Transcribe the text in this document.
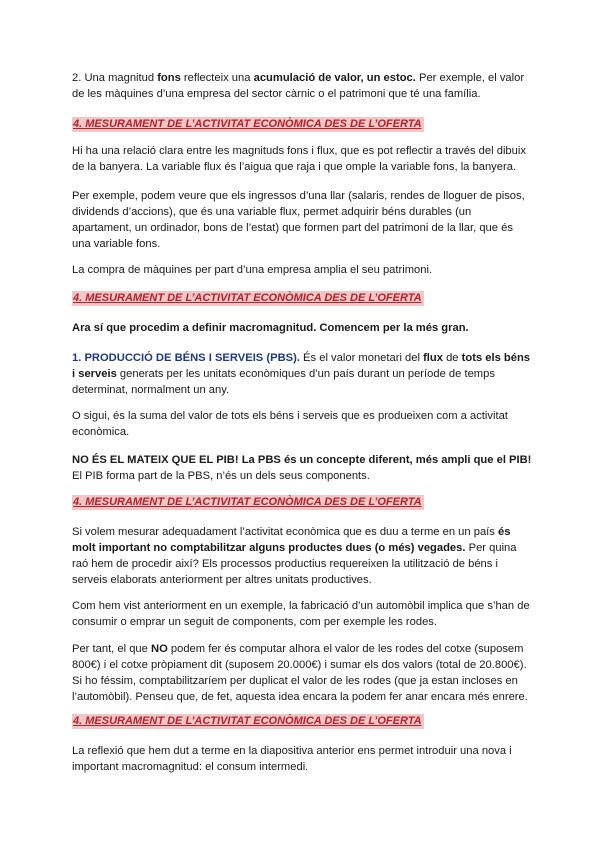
2. Una magnitud fons reflecteix una acumulació de valor, un estoc. Per exemple, el valor de les màquines d’una empresa del sector càrnic o el patrimoni que té una família.

4. MESURAMENT DE L’ACTIVITAT ECONÒMICA DES DE L’OFERTA

Hi ha una relació clara entre les magnituds fons i flux, que es pot reflectir a través del dibuix de la banyera. La variable flux és l’aigua que raja i que omple la variable fons, la banyera.

Per exemple, podem veure que els ingressos d’una llar (salaris, rendes de lloguer de pisos, dividends d’accions), que és una variable flux, permet adquirir béns durables (un apartament, un ordinador, bons de l’estat) que formen part del patrimoni de la llar, que és una variable fons.

La compra de màquines per part d’una empresa amplia el seu patrimoni.

4. MESURAMENT DE L’ACTIVITAT ECONÒMICA DES DE L’OFERTA

Ara sí que procedim a definir macromagnitud. Comencem per la més gran.

1. PRODUCCIÓ DE BÉNS I SERVEIS (PBS). És el valor monetari del flux de tots els béns i serveis generats per les unitats econòmiques d’un país durant un període de temps determinat, normalment un any.

O sigui, és la suma del valor de tots els béns i serveis que es produeixen com a activitat econòmica.

NO ÉS EL MATEIX QUE EL PIB! La PBS és un concepte diferent, més ampli que el PIB! El PIB forma part de la PBS, n’és un dels seus components.

4. MESURAMENT DE L’ACTIVITAT ECONÒMICA DES DE L’OFERTA

Si volem mesurar adequadament l’activitat econòmica que es duu a terme en un país és molt important no comptabilitzar alguns productes dues (o més) vegades. Per quina raó hem de procedir així? Els processos productius requereixen la utilització de béns i serveis elaborats anteriorment per altres unitats productives.

Com hem vist anteriorment en un exemple, la fabricació d’un automòbil implica que s’han de consumir o emprar un seguit de components, com per exemple les rodes.

Per tant, el que NO podem fer és computar alhora el valor de les rodes del cotxe (suposem 800€) i el cotxe pròpiament dit (suposem 20.000€) i sumar els dos valors (total de 20.800€). Si ho féssim, comptabilitzaríem per duplicat el valor de les rodes (que ja estan incloses en l’automòbil). Penseu que, de fet, aquesta idea encara la podem fer anar encara més enrere.

4. MESURAMENT DE L’ACTIVITAT ECONÒMICA DES DE L’OFERTA

La reflexió que hem dut a terme en la diapositiva anterior ens permet introduir una nova i important macromagnitud: el consum intermedi.
